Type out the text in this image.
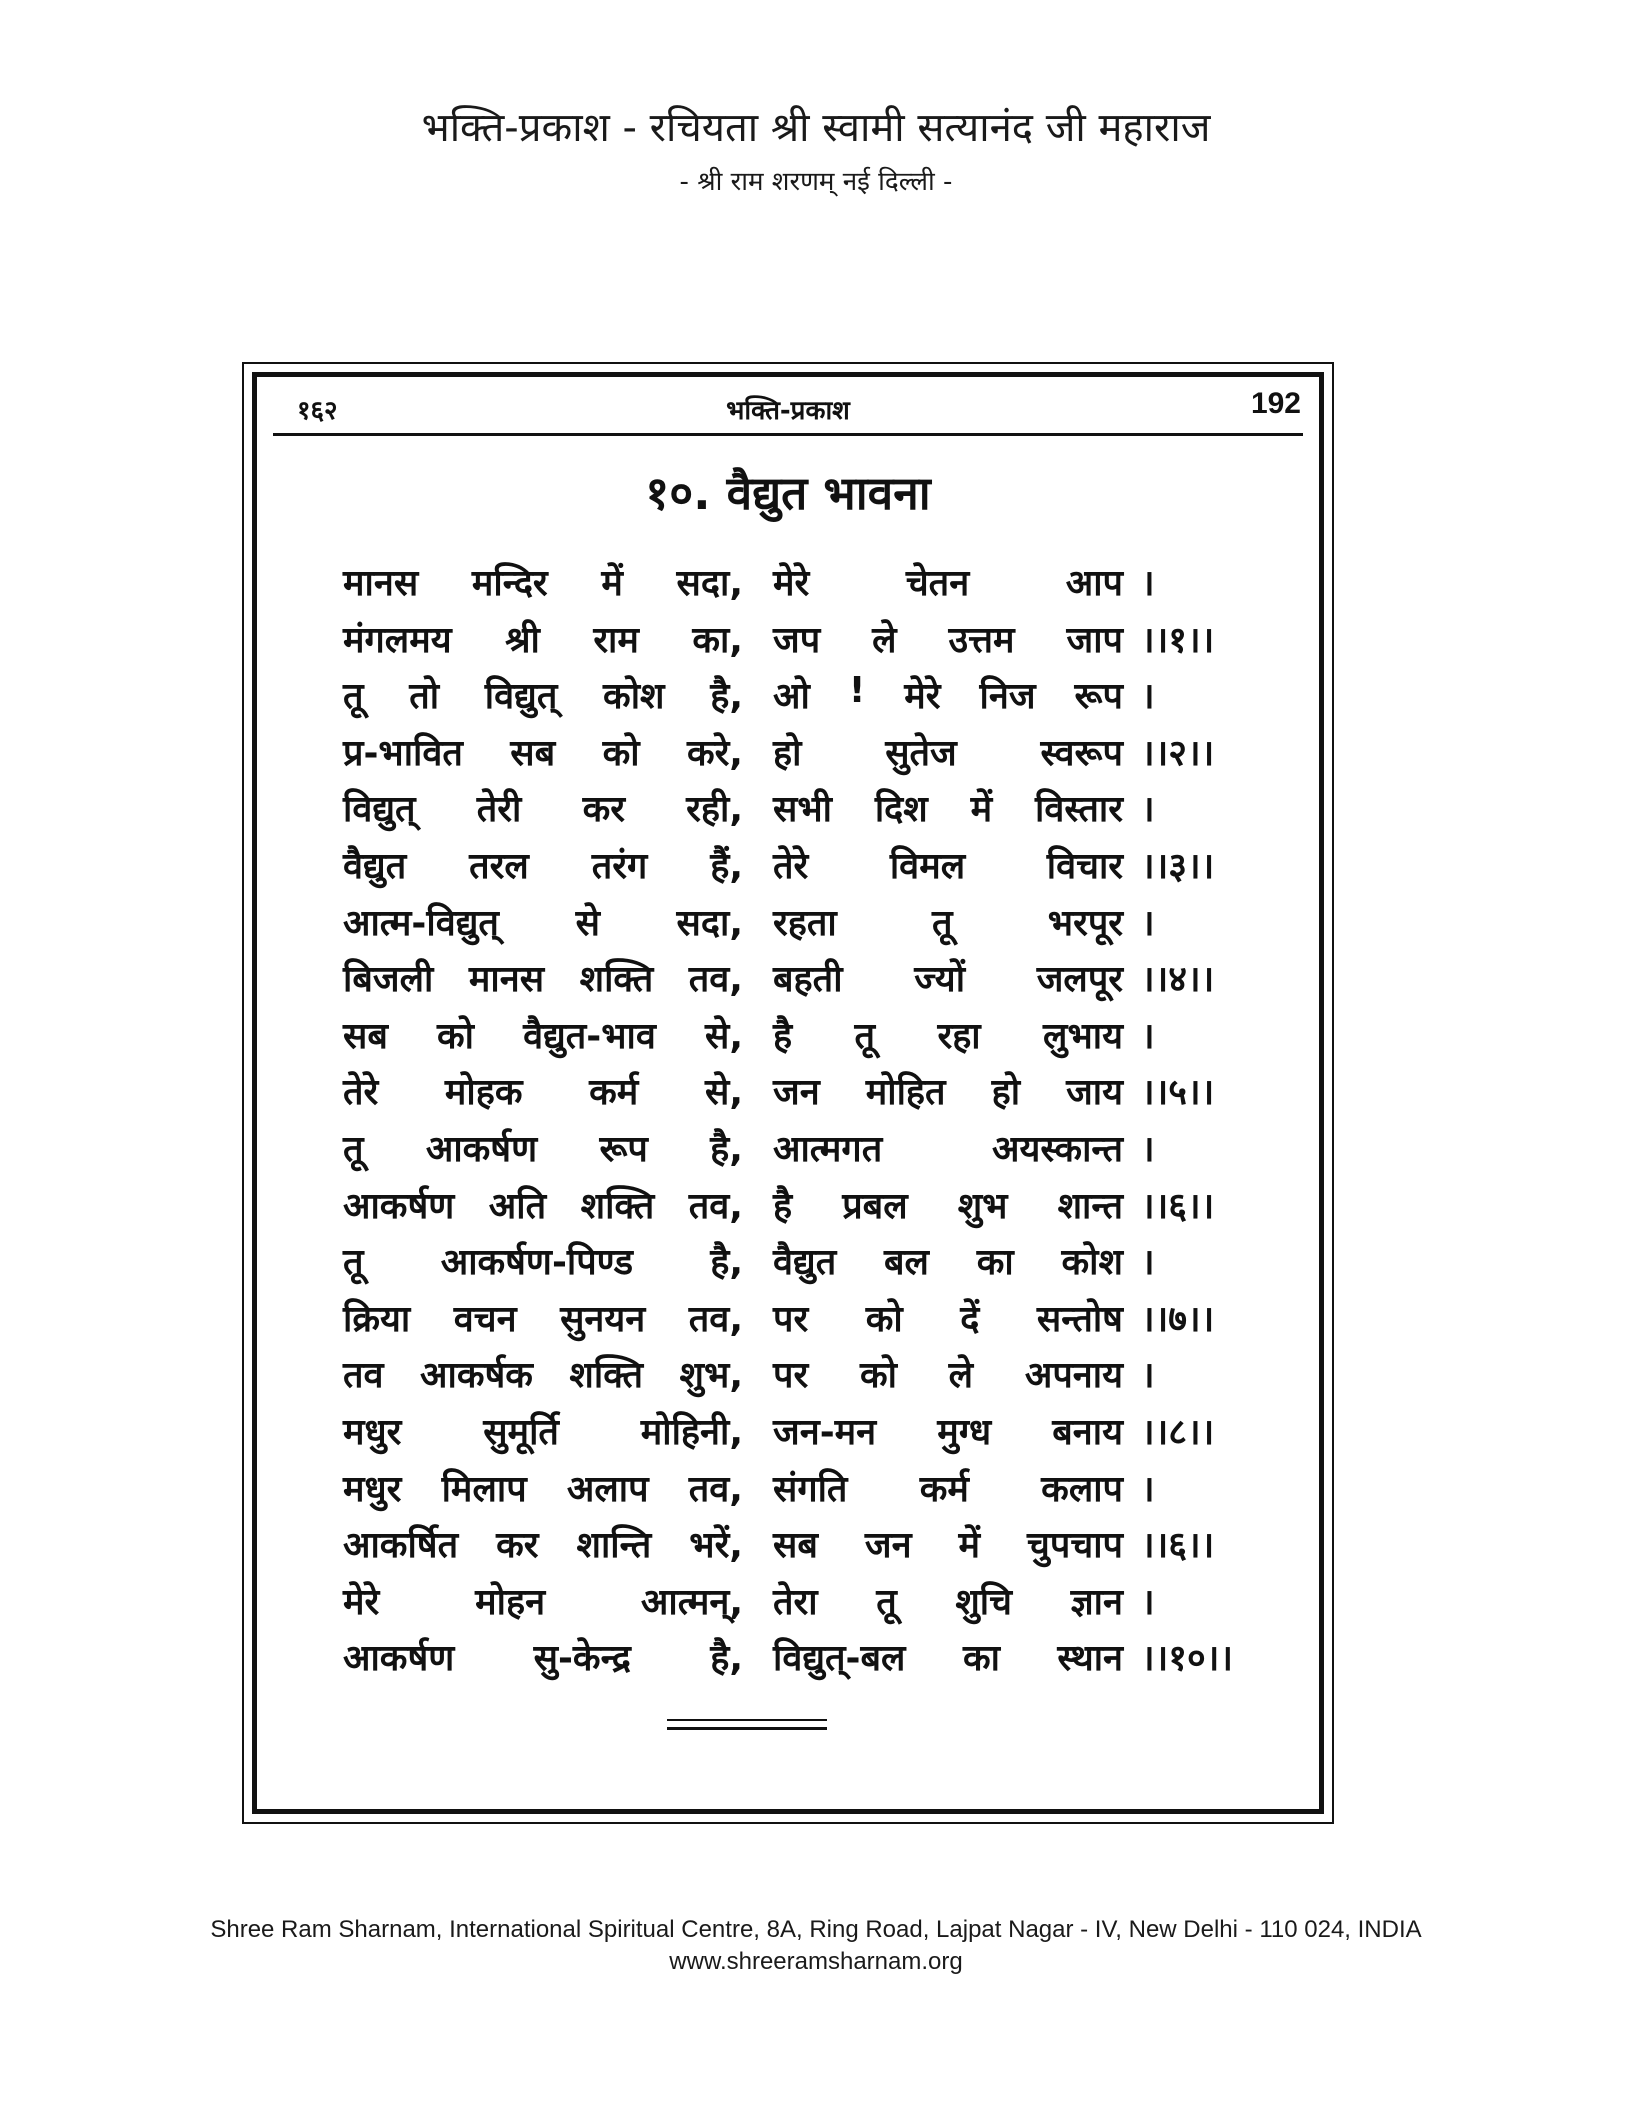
भक्ति-प्रकाश - रचियता श्री स्वामी सत्यानंद जी महाराज
- श्री राम शरणम् नई दिल्ली -
१६२	भक्ति-प्रकाश	192
१०. वैद्युत भावना
मानस मन्दिर में सदा, मेरे	चेतन	आप ।
मंगलमय श्री राम का, जप ले उत्तम जाप ।।१।।
तू तो विद्युत् कोश है, ओ ! मेरे निज रूप ।
प्र-भावित सब को करे, हो सुतेज स्वरूप ।।२।।
विद्युत् तेरी कर रही, सभी दिश में विस्तार ।
वैद्युत तरल तरंग हैं, तेरे विमल विचार ।।३।।
आत्म-विद्युत् से सदा, रहता	तू	भरपूर ।
बिजली मानस शक्ति तव, बहती ज्यों जलपूर ।।४।।
सब को वैद्युत-भाव से, है तू रहा लुभाय ।
तेरे मोहक कर्म से, जन मोहित हो जाय ।।५।।
तू आकर्षण रूप है, आत्मगत	अयस्कान्त ।
आकर्षण अति शक्ति तव, है प्रबल शुभ शान्त ।।६।।
तू आकर्षण-पिण्ड है, वैद्युत बल का कोश ।
क्रिया वचन सुनयन तव, पर को दें सन्तोष ।।७।।
तव आकर्षक शक्ति शुभ, पर को ले अपनाय ।
मधुर सुमूर्ति मोहिनी, जन-मन मुग्ध बनाय ।।८।।
मधुर मिलाप अलाप तव, संगति कर्म कलाप ।
आकर्षित कर शान्ति भरें, सब जन में चुपचाप ।।६।।
मेरे	मोहन	आत्मन्, तेरा तू शुचि ज्ञान ।
आकर्षण सु-केन्द्र है, विद्युत्-बल का स्थान ।।१०।।
Shree Ram Sharnam, International Spiritual Centre, 8A, Ring Road, Lajpat Nagar - IV, New Delhi - 110 024, INDIA
www.shreeramsharnam.org
